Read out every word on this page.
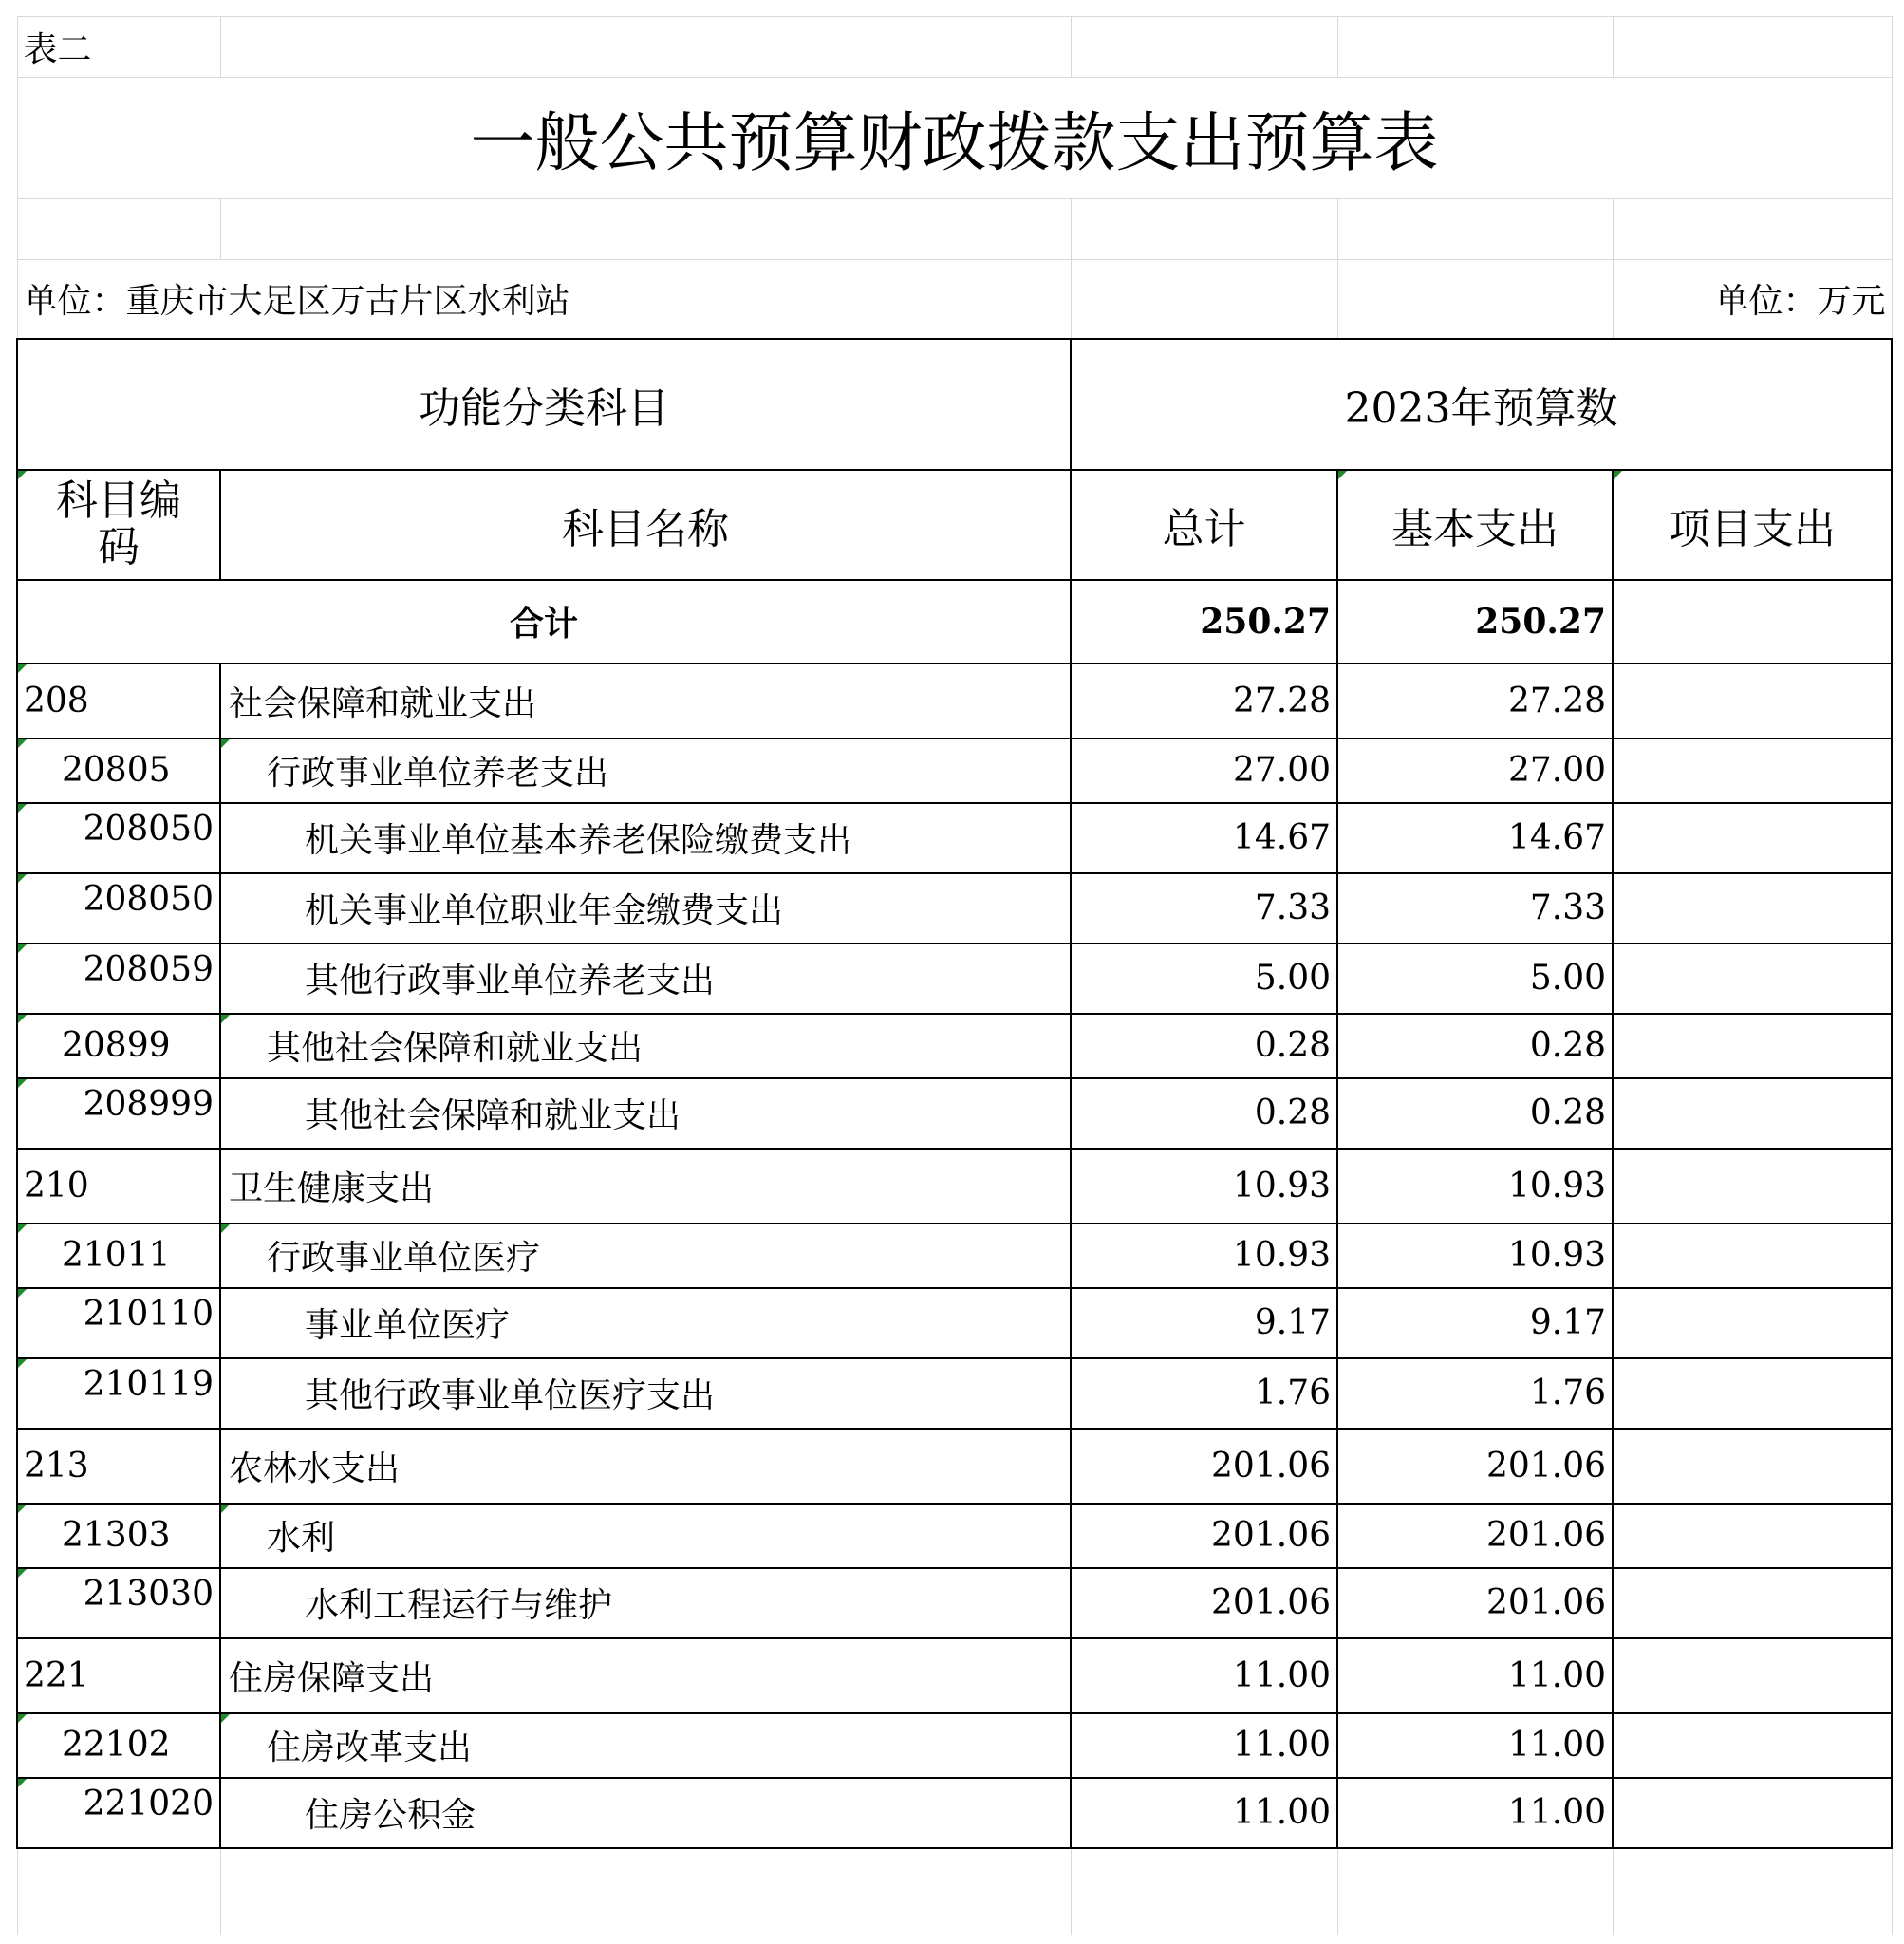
表二				
一般公共预算财政拨款支出预算表				

单位：重庆市大足区万古片区水利站				单位：万元
功能分类科目		2023年预算数		
科目编码	科目名称	总计	基本支出	项目支出
合计		250.27	250.27	
208	社会保障和就业支出	27.28	27.28	
20805	行政事业单位养老支出	27.00	27.00	
208050	机关事业单位基本养老保险缴费支出	14.67	14.67	
208050	机关事业单位职业年金缴费支出	7.33	7.33	
208059	其他行政事业单位养老支出	5.00	5.00	
20899	其他社会保障和就业支出	0.28	0.28	
208999	其他社会保障和就业支出	0.28	0.28	
210	卫生健康支出	10.93	10.93	
21011	行政事业单位医疗	10.93	10.93	
210110	事业单位医疗	9.17	9.17	
210119	其他行政事业单位医疗支出	1.76	1.76	
213	农林水支出	201.06	201.06	
21303	水利	201.06	201.06	
213030	水利工程运行与维护	201.06	201.06	
221	住房保障支出	11.00	11.00	
22102	住房改革支出	11.00	11.00	
221020	住房公积金	11.00	11.00	
